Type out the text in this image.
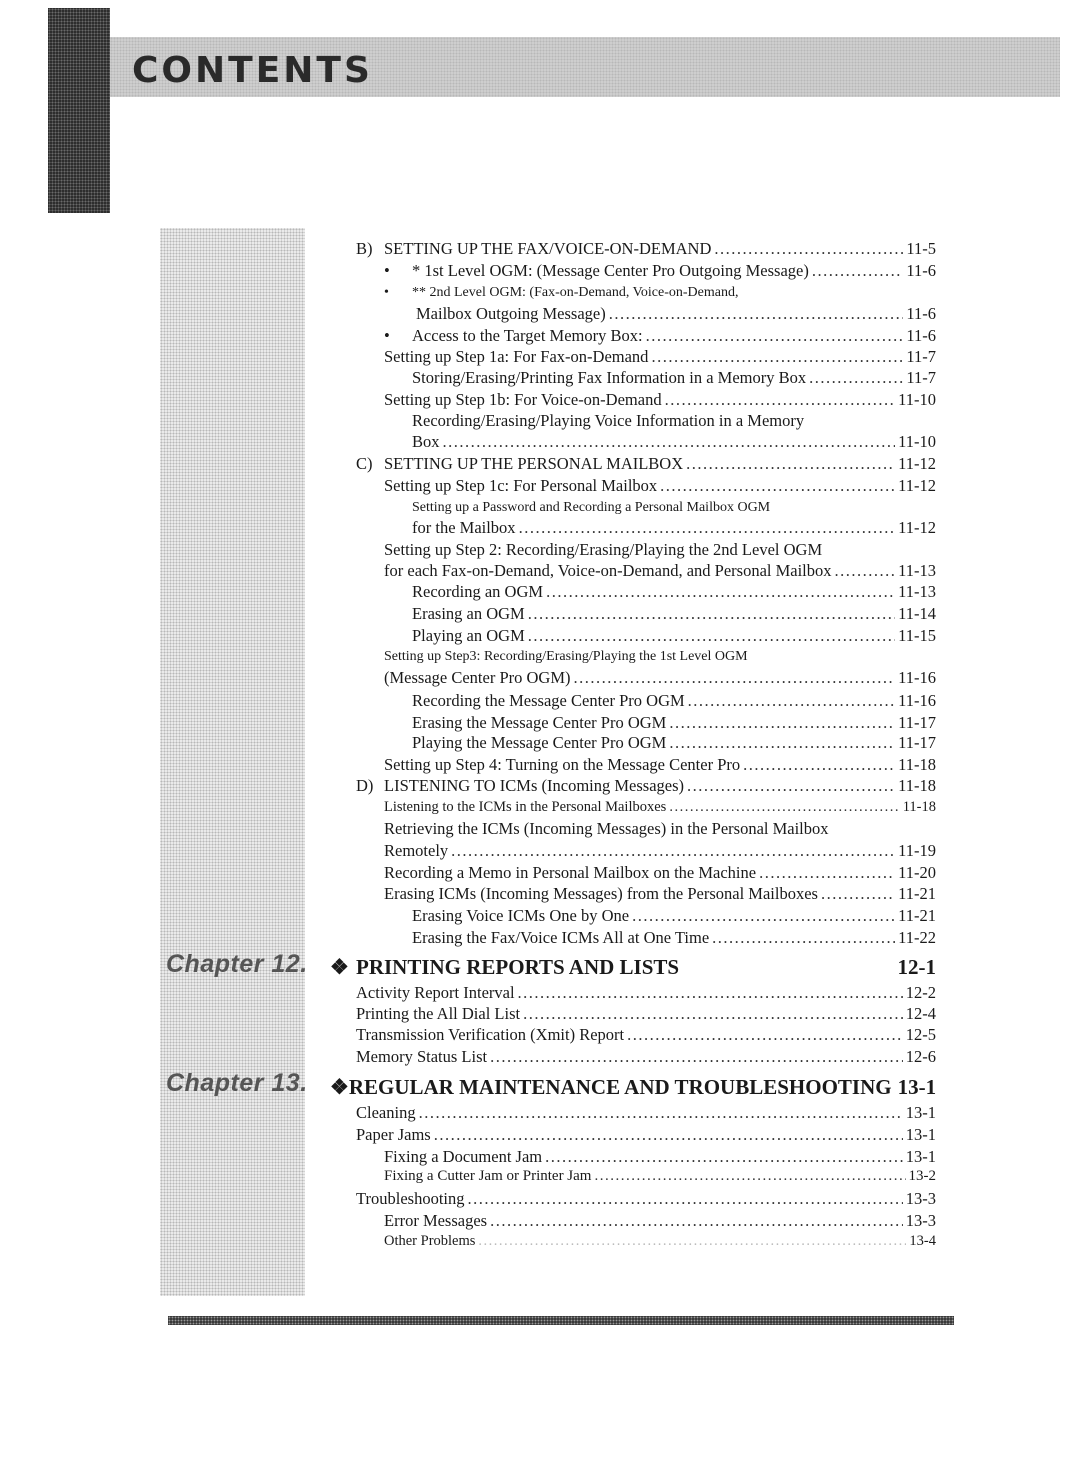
CONTENTS
Chapter 12.
Chapter 13.
B) SETTING UP THE FAX/VOICE-ON-DEMAND .....	11-5
•	* 1st Level OGM: (Message Center Pro Outgoing Message) .....	11-6
• ** 2nd Level OGM: (Fax-on-Demand, Voice-on-Demand,
Mailbox Outgoing Message) .....	11-6
•	Access to the Target Memory Box: .....	11-6
Setting up Step 1a: For Fax-on-Demand .....	11-7
Storing/Erasing/Printing Fax Information in a Memory Box .....	11-7
Setting up Step 1b: For Voice-on-Demand .....	11-10
Recording/Erasing/Playing Voice Information in a Memory
Box .....	11-10
C) SETTING UP THE PERSONAL MAILBOX .....	11-12
Setting up Step 1c: For Personal Mailbox .....	11-12
Setting up a Password and Recording a Personal Mailbox OGM
for the Mailbox .....	11-12
Setting up Step 2: Recording/Erasing/Playing the 2nd Level OGM
for each Fax-on-Demand, Voice-on-Demand, and Personal Mailbox .....	11-13
Recording an OGM .....	11-13
Erasing an OGM .....	11-14
Playing an OGM .....	11-15
Setting up Step3: Recording/Erasing/Playing the 1st Level OGM
(Message Center Pro OGM) .....	11-16
Recording the Message Center Pro OGM .....	11-16
Erasing the Message Center Pro OGM .....	11-17
Playing the Message Center Pro OGM .....	11-17
Setting up Step 4: Turning on the Message Center Pro .....	11-18
D) LISTENING TO ICMs (Incoming Messages) .....	11-18
Listening to the ICMs in the Personal Mailboxes .....	11-18
Retrieving the ICMs (Incoming Messages) in the Personal Mailbox
Remotely .....	11-19
Recording a Memo in Personal Mailbox on the Machine .....	11-20
Erasing ICMs (Incoming Messages) from the Personal Mailboxes .....	11-21
Erasing Voice ICMs One by One .....	11-21
Erasing the Fax/Voice ICMs All at One Time .....	11-22
❖ PRINTING REPORTS AND LISTS	12-1
Activity Report Interval .....	12-2
Printing the All Dial List .....	12-4
Transmission Verification (Xmit) Report .....	12-5
Memory Status List .....	12-6
❖ REGULAR MAINTENANCE AND TROUBLESHOOTING 13-1
Cleaning .....	13-1
Paper Jams .....	13-1
Fixing a Document Jam .....	13-1
Fixing a Cutter Jam or Printer Jam .....	13-2
Troubleshooting .....	13-3
Error Messages .....	13-3
Other Problems .....	13-4
